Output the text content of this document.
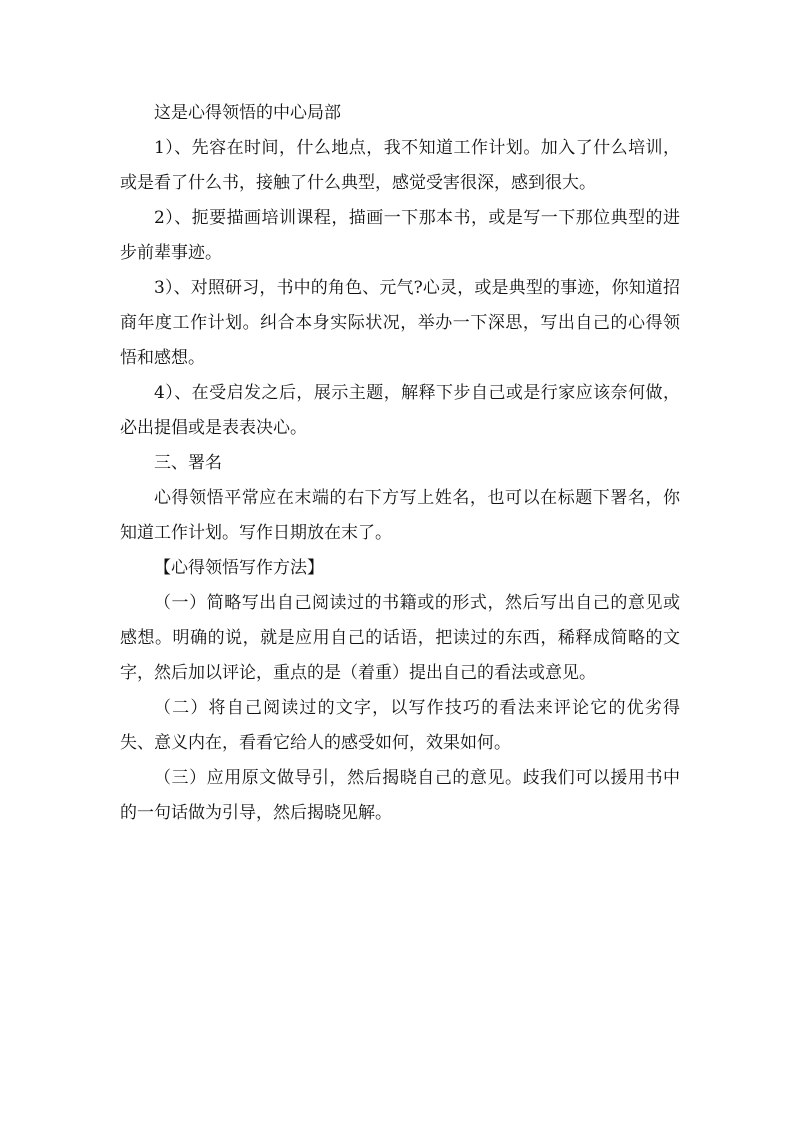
这是心得领悟的中心局部

1）、先容在时间，什么地点，我不知道工作计划。加入了什么培训，或是看了什么书，接触了什么典型，感觉受害很深，感到很大。

2）、扼要描画培训课程，描画一下那本书，或是写一下那位典型的进步前辈事迹。

3）、对照研习，书中的角色、元气?心灵，或是典型的事迹，你知道招商年度工作计划。纠合本身实际状况，举办一下深思，写出自己的心得领悟和感想。

4）、在受启发之后，展示主题，解释下步自己或是行家应该奈何做，必出提倡或是表表决心。

三、署名

心得领悟平常应在末端的右下方写上姓名，也可以在标题下署名，你知道工作计划。写作日期放在末了。

【心得领悟写作方法】

（一）简略写出自己阅读过的书籍或的形式，然后写出自己的意见或感想。明确的说，就是应用自己的话语，把读过的东西，稀释成简略的文字，然后加以评论，重点的是（着重）提出自己的看法或意见。

（二）将自己阅读过的文字，以写作技巧的看法来评论它的优劣得失、意义内在，看看它给人的感受如何，效果如何。

（三）应用原文做导引，然后揭晓自己的意见。歧我们可以援用书中的一句话做为引导，然后揭晓见解。
